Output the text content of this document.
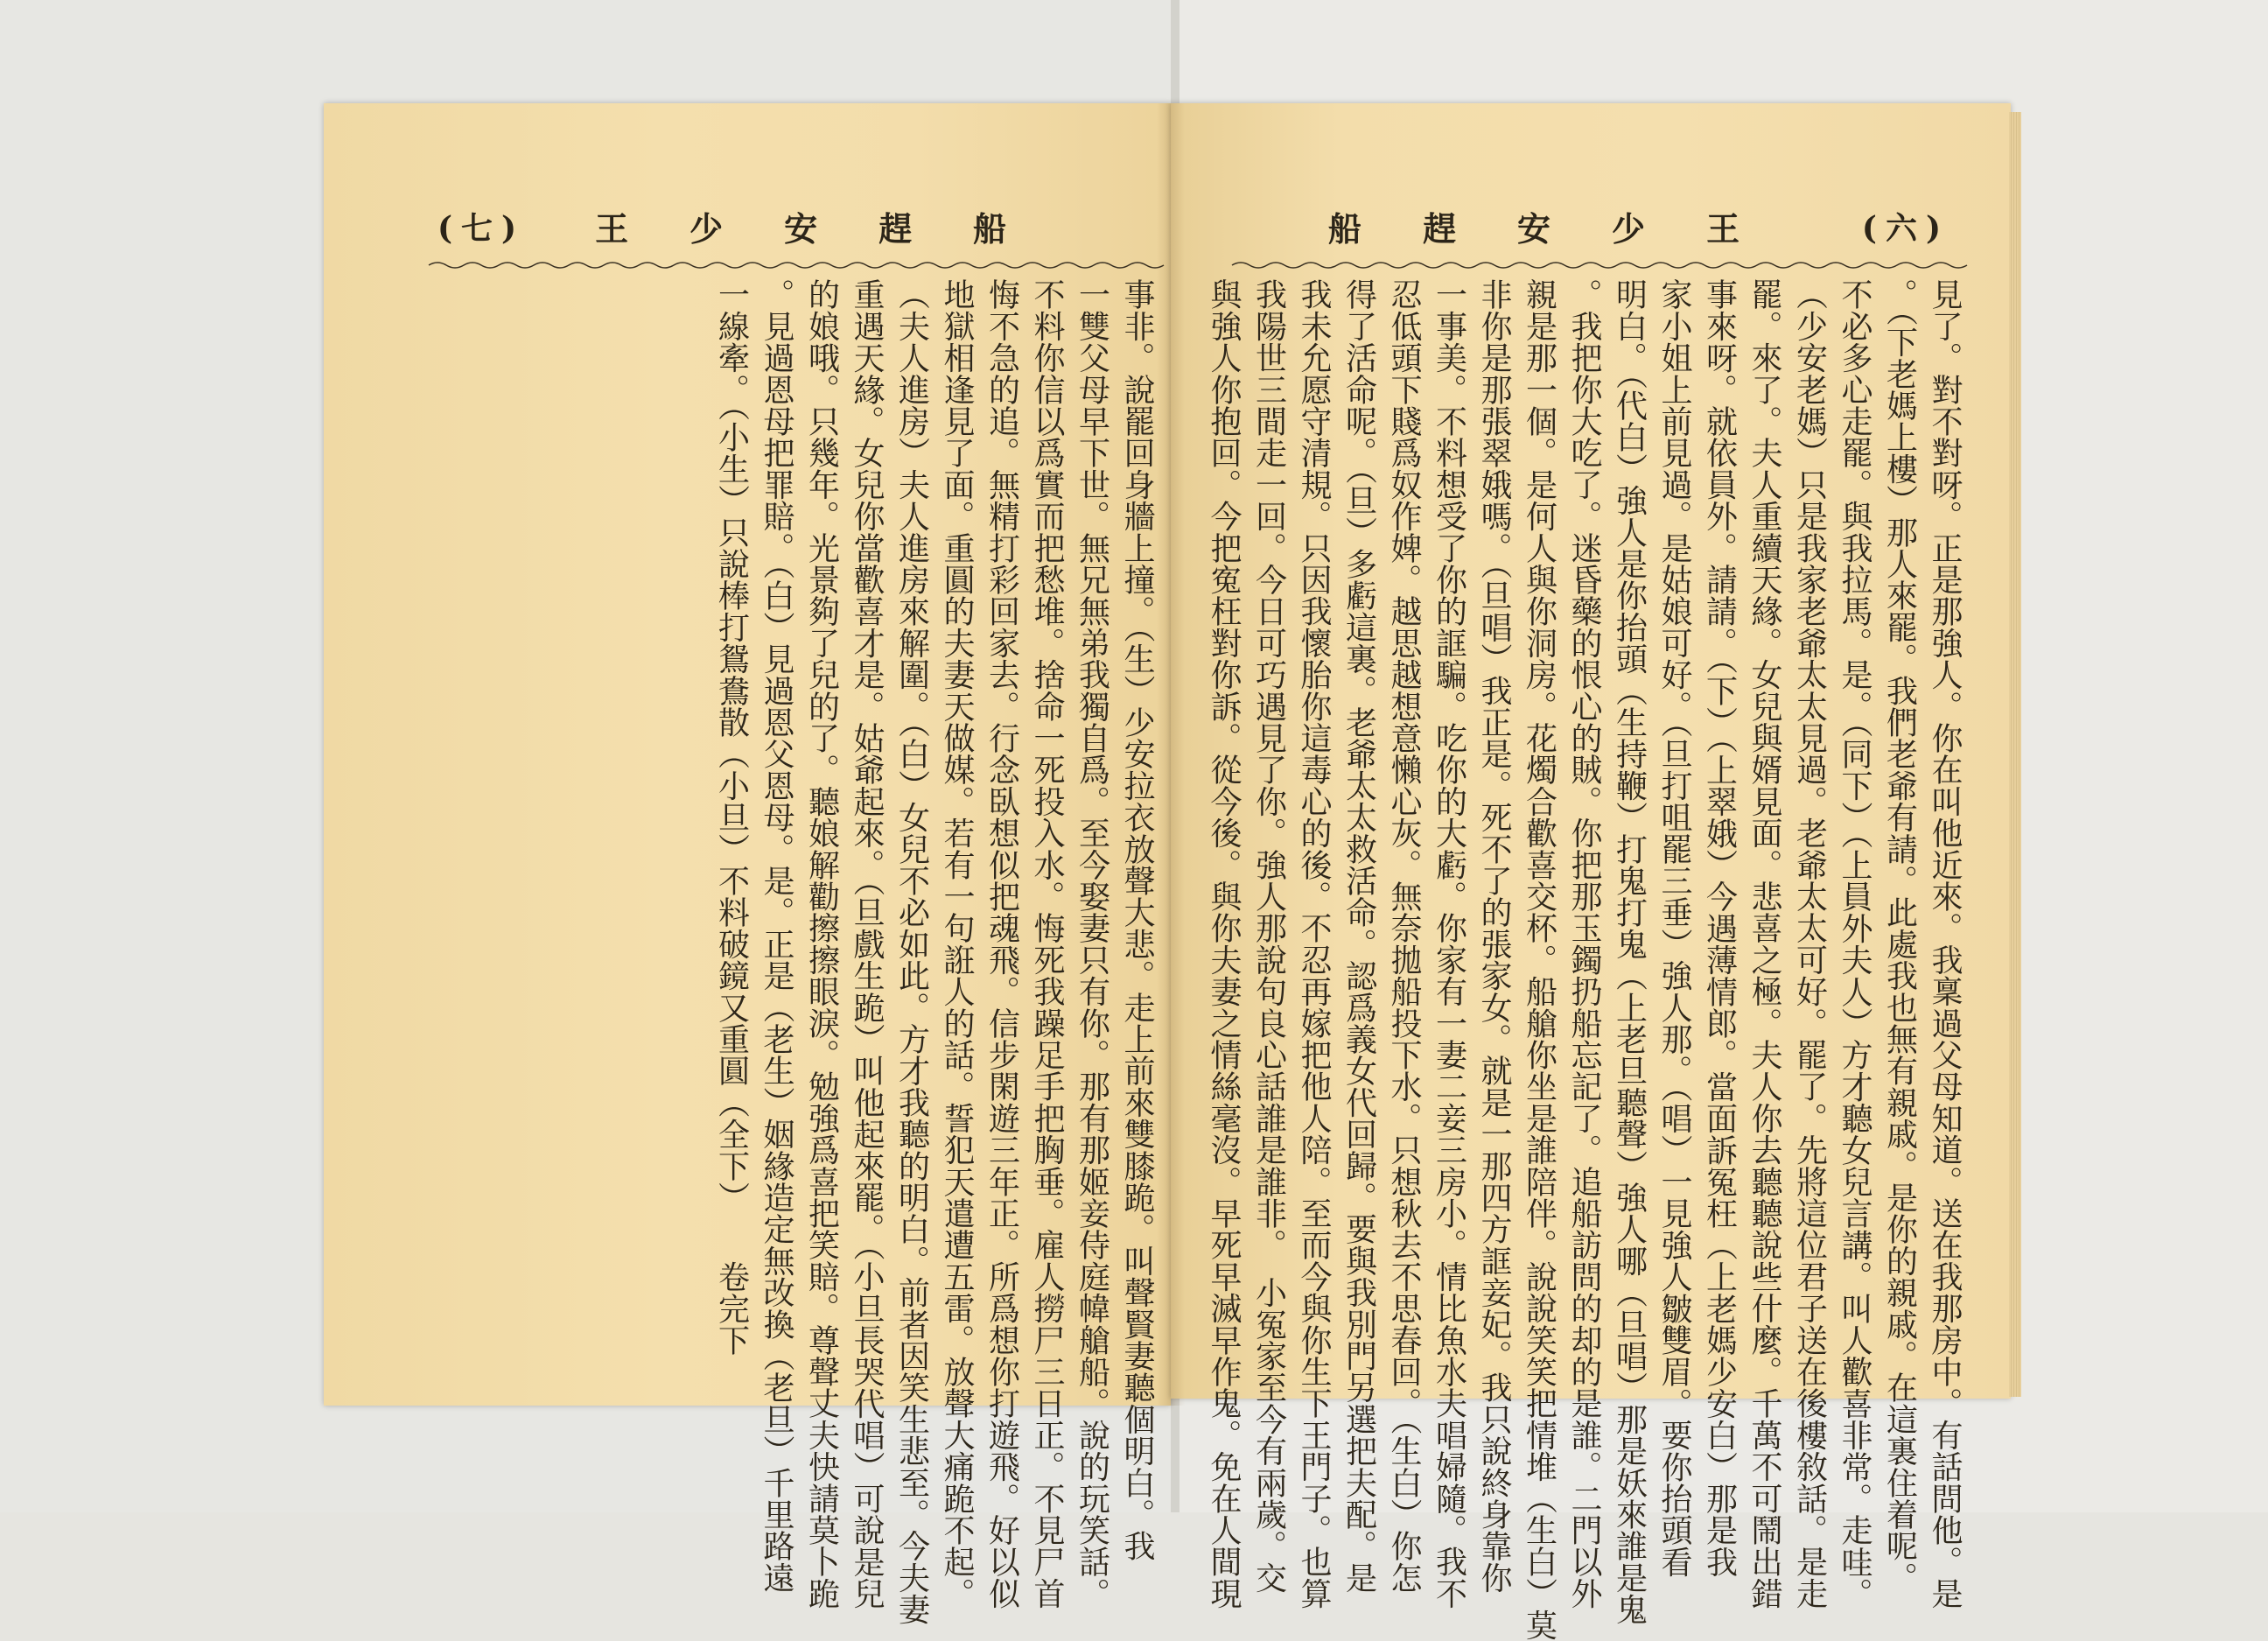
(七) 王 少 安 趕 船
事非。說罷回身牆上撞。（生）少安拉衣放聲大悲。走上前來雙膝跪。叫聲賢妻聽個明白。我
一雙父母早下世。無兄無弟我獨自爲。至今娶妻只有你。那有那姬妾侍庭幃艙船。說的玩笑話。
不料你信以爲實而把愁堆。捨命一死投入水。悔死我躁足手把胸垂。雇人撈尸三日正。不見尸首
悔不急的追。無精打彩回家去。行念臥想似把魂飛。信步閑遊三年正。所爲想你打遊飛。好以似
地獄相逢見了面。重圓的夫妻天做媒。若有一句誑人的話。誓犯天遣遭五雷。放聲大痛跪不起。
（夫人進房）夫人進房來解圍。（白）女兒不必如此。方才我聽的明白。前者因笑生悲至。今夫妻
重遇天緣。女兒你當歡喜才是。姑爺起來。（旦戲生跪）叫他起來罷。（小旦長哭代唱）可說是兒
的娘哦。只幾年。光景夠了兒的了。聽娘解勸擦擦眼淚。勉強爲喜把笑賠。尊聲丈夫快請莫卜跪
。見過恩母把罪賠。（白）見過恩父恩母。是。正是（老生）姻緣造定無改換（老旦）千里路遠
一線牽。（小生）只說棒打鴛鴦散（小旦）不料破鏡又重圓（全下）　　卷完下
船 趕 安 少 王	(六)
見了。對不對呀。正是那強人。你在叫他近來。我稟過父母知道。送在我那房中。有話問他。是
。（下老媽上樓）那人來罷。我們老爺有請。此處我也無有親戚。是你的親戚。在這裏住着呢。
不必多心走罷。與我拉馬。是。（同下）（上員外夫人）方才聽女兒言講。叫人歡喜非常。走哇。
（少安老媽）只是我家老爺太太見過。老爺太太可好。罷了。先將這位君子送在後樓敘話。是走
罷。來了。夫人重續天緣。女兒與婿見面。悲喜之極。夫人你去聽聽說些什麼。千萬不可鬧出錯
事來呀。就依員外。請請。（下）（上翠娥）今遇薄情郎。當面訴冤枉（上老媽少安白）那是我
家小姐上前見過。是姑娘可好。（旦打咀罷三垂）強人那。（唱）一見強人皺雙眉。要你抬頭看
明白。（代白）強人是你抬頭（生持鞭）打鬼打鬼（上老旦聽聲）強人哪（旦唱）那是妖來誰是鬼
。我把你大吃了。迷昏藥的恨心的賊。你把那玉鐲扔船忘記了。追船訪問的却的是誰。二門以外
親是那一個。是何人與你洞房。花燭合歡喜交杯。船艙你坐是誰陪伴。說說笑笑把情堆（生白）莫
非你是那張翠娥嗎。（旦唱）我正是。死不了的張家女。就是一那四方誆妾妃。我只說終身靠你
一事美。不料想受了你的誆騙。吃你的大虧。你家有一妻二妾三房小。情比魚水夫唱婦隨。我不
忍低頭下賤爲奴作婢。越思越想意懶心灰。無奈拋船投下水。只想秋去不思春回。（生白）你怎
得了活命呢。（旦）多虧這裏。老爺太太救活命。認爲義女代回歸。要與我別門另選把夫配。是
我未允愿守清規。只因我懷胎你這毒心的後。不忍再嫁把他人陪。至而今與你生下王門子。也算
我陽世三間走一回。今日可巧遇見了你。強人那說句良心話誰是誰非。　小冤家至今有兩歲。交
與強人你抱回。今把寃枉對你訴。從今後。與你夫妻之情絲毫沒。早死早滅早作鬼。免在人間現
